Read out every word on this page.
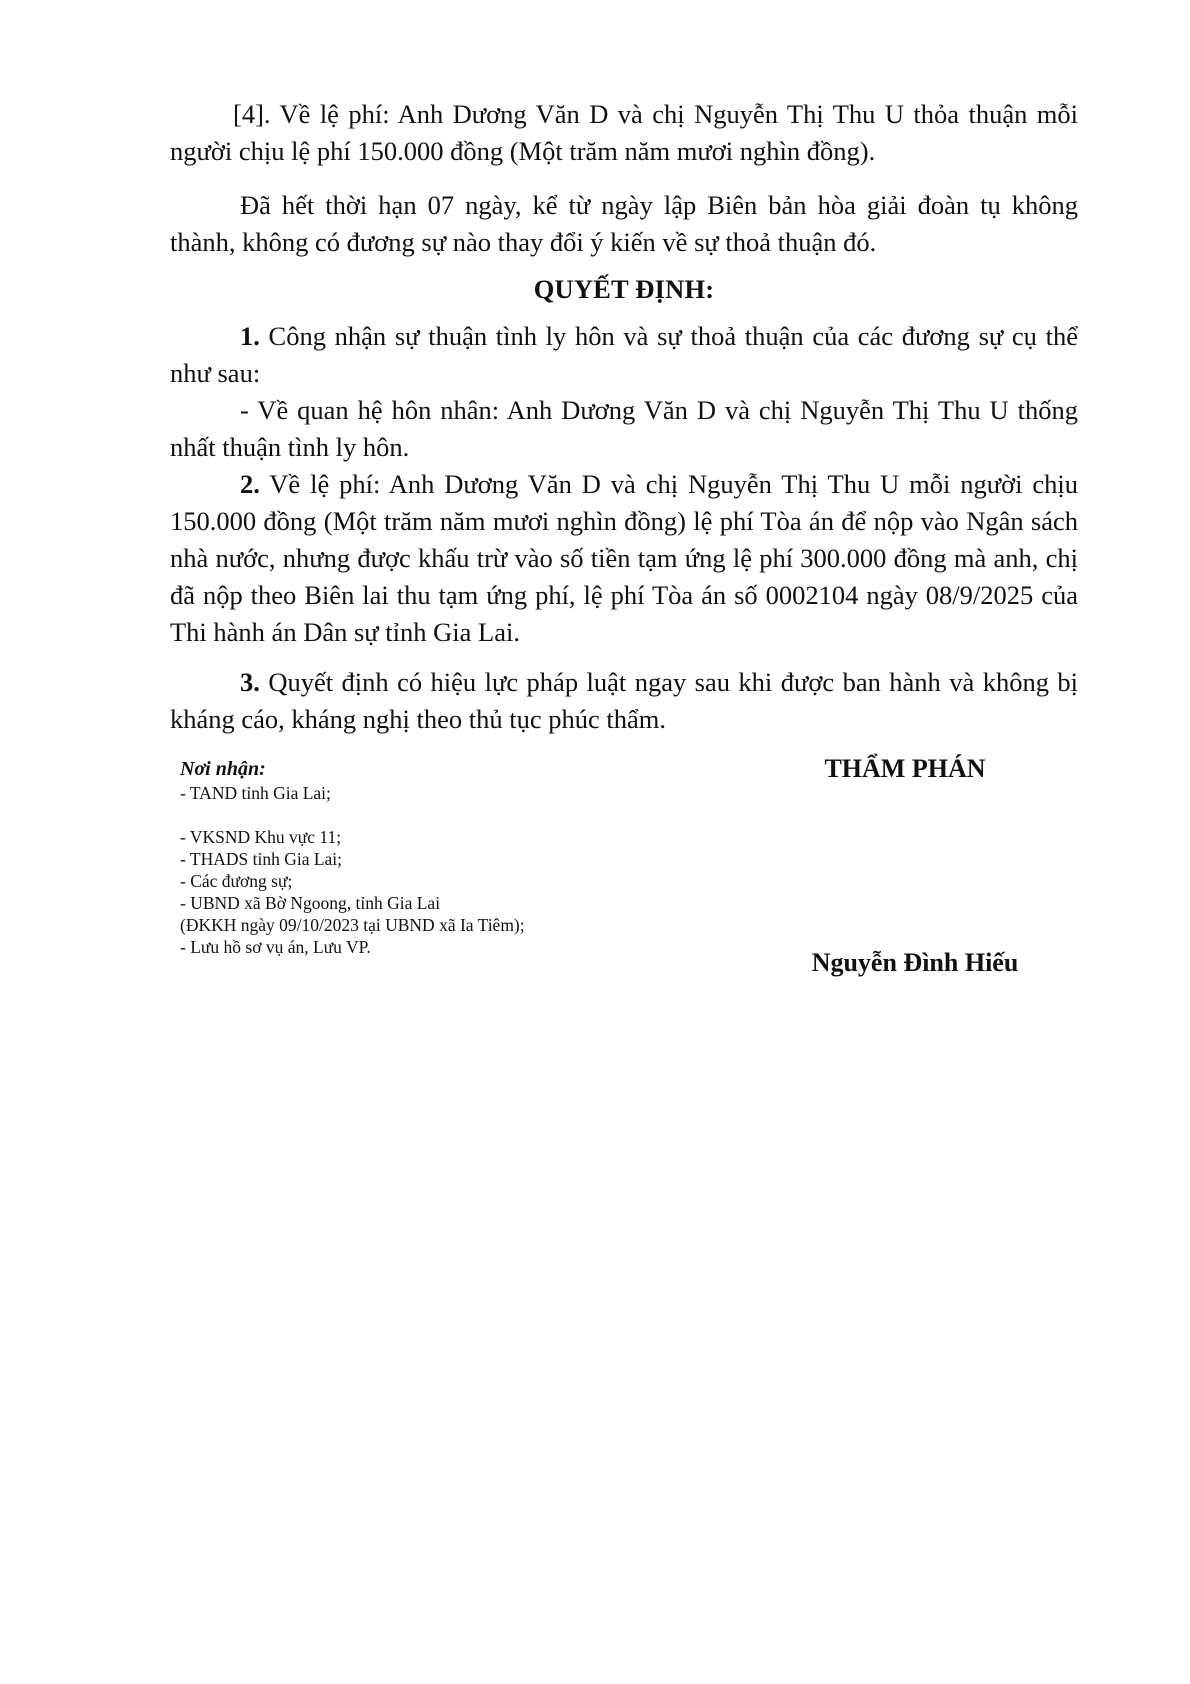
[4]. Về lệ phí: Anh Dương Văn D và chị Nguyễn Thị Thu U thỏa thuận mỗi người chịu lệ phí 150.000 đồng (Một trăm năm mươi nghìn đồng).

Đã hết thời hạn 07 ngày, kể từ ngày lập Biên bản hòa giải đoàn tụ không thành, không có đương sự nào thay đổi ý kiến về sự thoả thuận đó.

QUYẾT ĐỊNH:

1. Công nhận sự thuận tình ly hôn và sự thoả thuận của các đương sự cụ thể như sau:

- Về quan hệ hôn nhân: Anh Dương Văn D và chị Nguyễn Thị Thu U thống nhất thuận tình ly hôn.

2. Về lệ phí: Anh Dương Văn D và chị Nguyễn Thị Thu U mỗi người chịu 150.000 đồng (Một trăm năm mươi nghìn đồng) lệ phí Tòa án để nộp vào Ngân sách nhà nước, nhưng được khấu trừ vào số tiền tạm ứng lệ phí 300.000 đồng mà anh, chị đã nộp theo Biên lai thu tạm ứng phí, lệ phí Tòa án số 0002104 ngày 08/9/2025 của Thi hành án Dân sự tỉnh Gia Lai.

3. Quyết định có hiệu lực pháp luật ngay sau khi được ban hành và không bị kháng cáo, kháng nghị theo thủ tục phúc thẩm.

Nơi nhận:

- TAND tỉnh Gia Lai;

- VKSND Khu vực 11;

- THADS tỉnh Gia Lai;

- Các đương sự;

- UBND xã Bờ Ngoong, tỉnh Gia Lai

(ĐKKH ngày 09/10/2023 tại UBND xã Ia Tiêm);

- Lưu hồ sơ vụ án, Lưu VP.

THẨM PHÁN
Nguyễn Đình Hiếu
